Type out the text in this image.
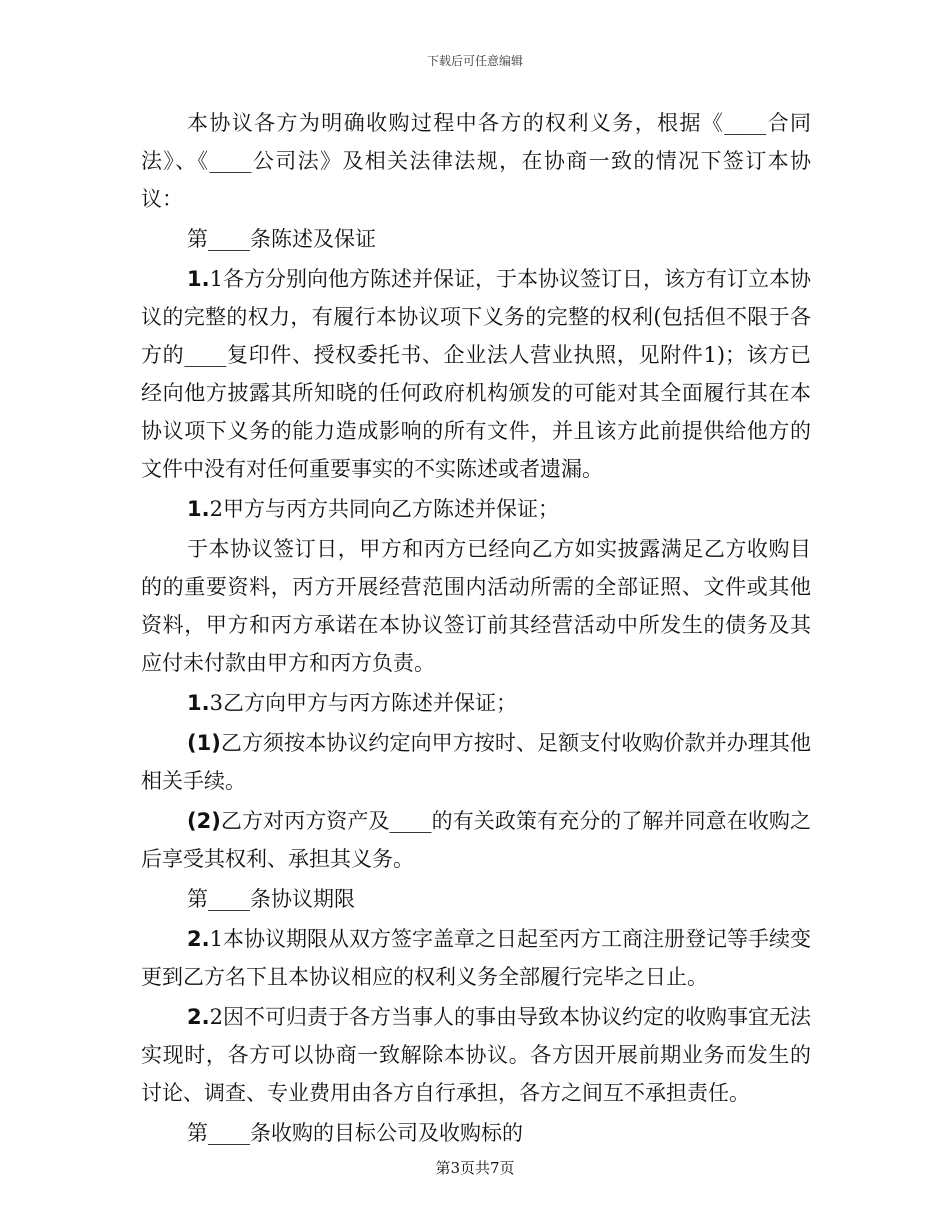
下载后可任意编辑

本协议各方为明确收购过程中各方的权利义务，根据《____合同法》、《____公司法》及相关法律法规，在协商一致的情况下签订本协议：

第____条陈述及保证

1.1各方分别向他方陈述并保证，于本协议签订日，该方有订立本协议的完整的权力，有履行本协议项下义务的完整的权利(包括但不限于各方的____复印件、授权委托书、企业法人营业执照，见附件1)；该方已经向他方披露其所知晓的任何政府机构颁发的可能对其全面履行其在本协议项下义务的能力造成影响的所有文件，并且该方此前提供给他方的文件中没有对任何重要事实的不实陈述或者遗漏。

1.2甲方与丙方共同向乙方陈述并保证；

于本协议签订日，甲方和丙方已经向乙方如实披露满足乙方收购目的的重要资料，丙方开展经营范围内活动所需的全部证照、文件或其他资料，甲方和丙方承诺在本协议签订前其经营活动中所发生的债务及其应付未付款由甲方和丙方负责。

1.3乙方向甲方与丙方陈述并保证；

(1)乙方须按本协议约定向甲方按时、足额支付收购价款并办理其他相关手续。

(2)乙方对丙方资产及____的有关政策有充分的了解并同意在收购之后享受其权利、承担其义务。

第____条协议期限

2.1本协议期限从双方签字盖章之日起至丙方工商注册登记等手续变更到乙方名下且本协议相应的权利义务全部履行完毕之日止。

2.2因不可归责于各方当事人的事由导致本协议约定的收购事宜无法实现时，各方可以协商一致解除本协议。各方因开展前期业务而发生的讨论、调查、专业费用由各方自行承担，各方之间互不承担责任。

第____条收购的目标公司及收购标的

第3页共7页
